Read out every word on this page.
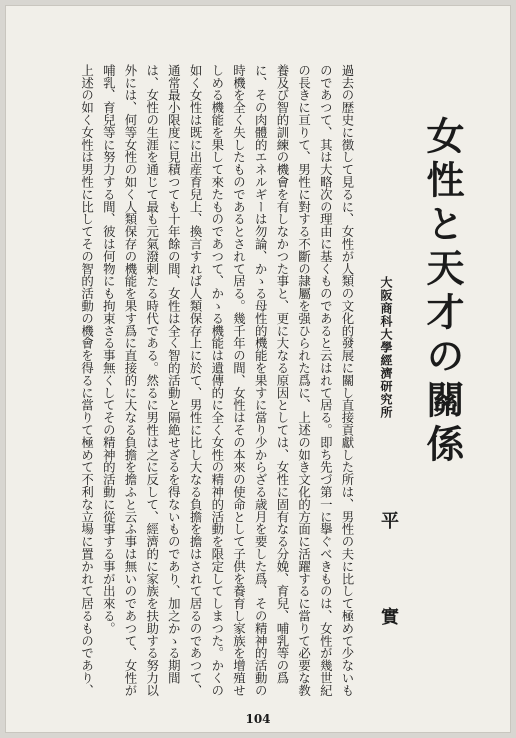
女性と天才の關係
大阪商科大學經濟研究所
平　實

過去の歴史に徴して見るに、女性が人類の文化的發展に關し直接貢獻した所は、男性の夫に比して極めて少ないものであつて、其は大略次の理由に基くものであると云はれて居る。即ち先づ第一に擧ぐべきものは、女性が幾世紀の長きに亘りて、男性に對する不斷の隷屬を强ひられた爲に、上述の如き文化的方面に活躍するに當りて必要な教養及び智的訓練の機會を有しなかつた事と、更に大なる原因としては、女性に固有なる分娩、育兒、哺乳等の爲に、その肉體的エネルギーは勿論、かゝる母性的機能を果すに當り少からざる歳月を要した爲、その精神的活動の時機を全く失したものであるとされて居る。幾千年の間、女性はその本來の使命として子供を養育し家族を增殖せしめる機能を果して來たものであつて、かゝる機能は遺傳的に全く女性の精神的活動を限定してしまつた。かくの如く女性は既に出産育兒上、換言すれば人類保存上に於て、男性に比し大なる負擔を擔はされて居るのであつて、通常最小限度に見積つても十年餘の間、女性は全く智的活動と隔絶せざるを得ないものであり、加之かゝる期間は、女性の生涯を通じて最も元氣潑剌たる時代である。然るに男性は之に反して、經濟的に家族を扶助する努力以外には、何等女性の如く人類保存の機能を果す爲に直接的に大なる負擔を擔ふと云ふ事は無いのであつて、女性が哺乳、育兒等に努力する間、彼は何物にも拘束さる事無くしてその精神的活動に從事する事が出來る。

上述の如く女性は男性に比してその智的活動の機會を得るに當りて極めて不利な立場に置かれて居るものであり、

104
